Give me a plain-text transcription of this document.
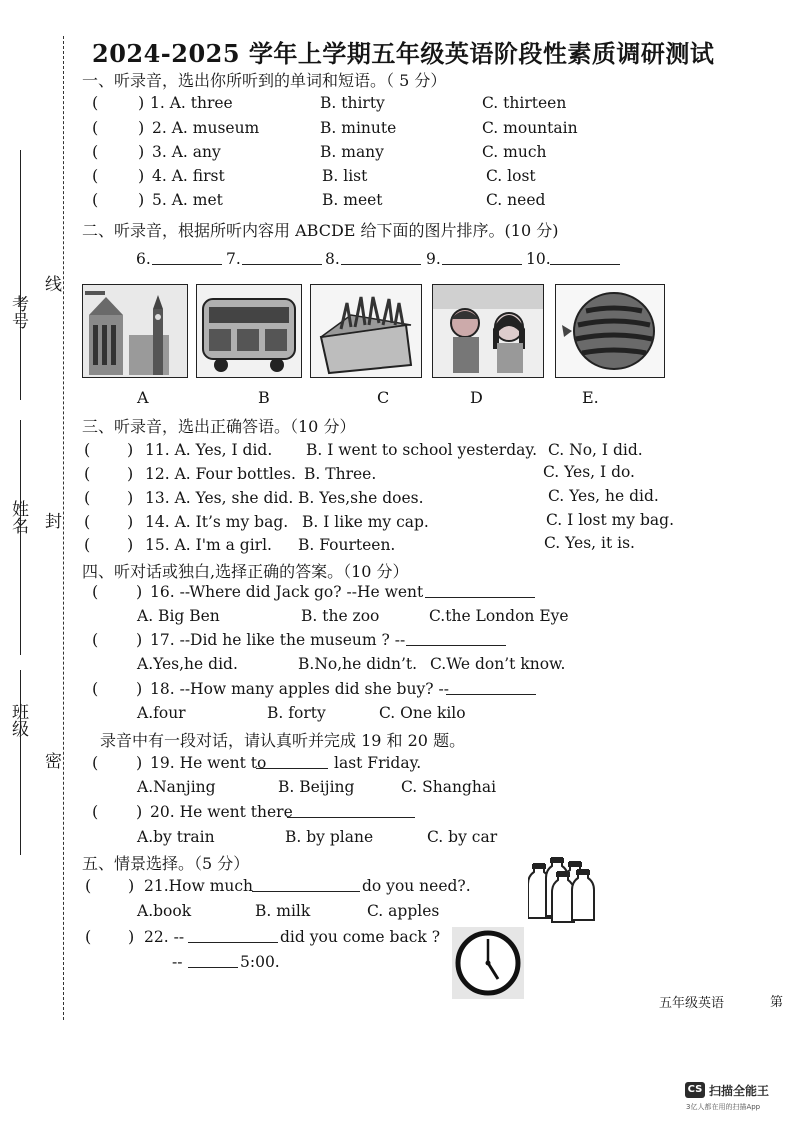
考号
姓名
班级
线
封
密
2024-2025 学年上学期五年级英语阶段性素质调研测试
一、听录音，选出你所听到的单词和短语。（ 5 分）
( ) 1. A. three	B. thirty	C. thirteen
( ) 2. A. museum	B. minute	C. mountain
( ) 3. A. any	B. many	C. much
( ) 4. A. first	B. list	C. lost
( ) 5. A. met	B. meet	C. need
二、听录音，根据所听内容用 ABCDE 给下面的图片排序。(10 分)
6.	7.	8.	9.	10.
A	B	C	D	E.
三、听录音，选出正确答语。（10 分）
( ) 11. A. Yes, I did. B. I went to school yesterday. C. No, I did.
( ) 12. A. Four bottles. B. Three.	C. Yes, I do.
( ) 13. A. Yes, she did. B. Yes,she does.	C. Yes, he did.
( ) 14. A. It’s my bag. B. I like my cap.	C. I lost my bag.
( ) 15. A. I'm a girl. B. Fourteen.	C. Yes, it is.
四、听对话或独白,选择正确的答案。（10 分）
( ) 16. --Where did Jack go? --He went
A. Big Ben	B. the zoo	C.the London Eye
( ) 17. --Did he like the museum ? --
A.Yes,he did.	B.No,he didn’t. C.We don’t know.
( ) 18. --How many apples did she buy? --
A.four	B. forty	C. One kilo
录音中有一段对话，请认真听并完成 19 和 20 题。
( ) 19. He went to	last Friday.
A.Nanjing	B. Beijing	C. Shanghai
( ) 20. He went there
A.by train	B. by plane	C. by car
五、情景选择。（5 分）
( ) 21.How much	do you need?.
A.book	B. milk	C. apples
( ) 22. --	did you come back ?
--	5:00.
五年级英语	第
CS 扫描全能王
3亿人都在用的扫描App
